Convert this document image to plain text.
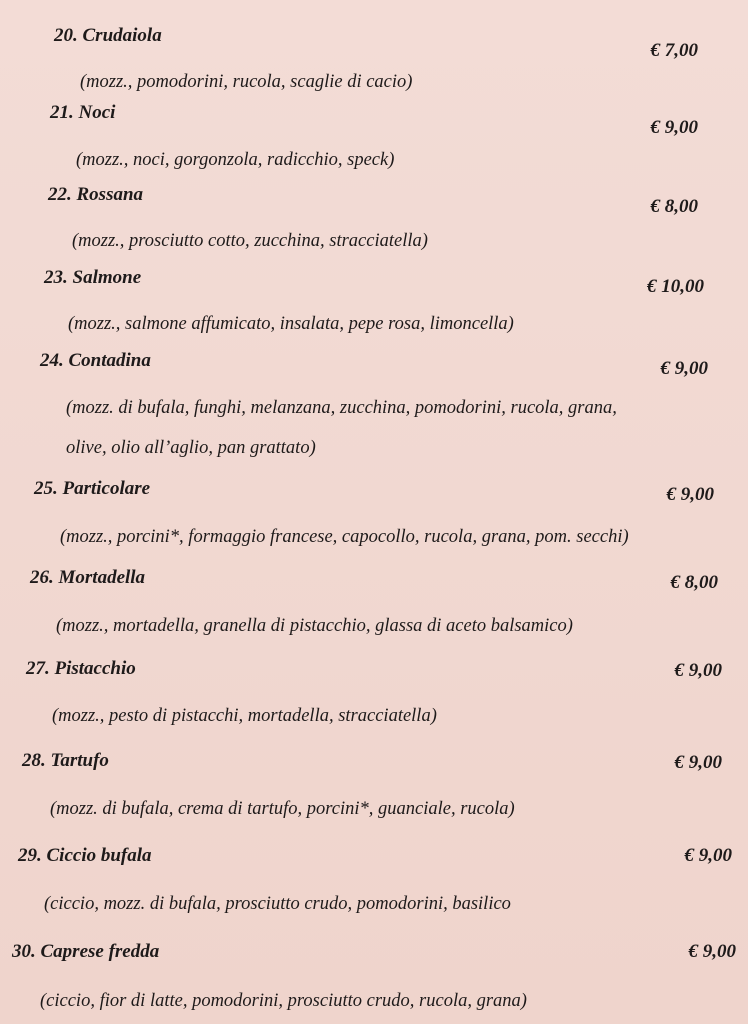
20. Crudaiola
€ 7,00
(mozz., pomodorini, rucola, scaglie di cacio)
21. Noci
€ 9,00
(mozz., noci, gorgonzola, radicchio, speck)
22. Rossana
€ 8,00
(mozz., prosciutto cotto, zucchina, stracciatella)
23. Salmone	€ 10,00
(mozz., salmone affumicato, insalata, pepe rosa, limoncella)
24. Contadina	€ 9,00
(mozz. di bufala, funghi, melanzana, zucchina, pomodorini, rucola, grana,
olive, olio all’aglio, pan grattato)
25. Particolare	€ 9,00
(mozz., porcini*, formaggio francese, capocollo, rucola, grana, pom. secchi)
26. Mortadella	€ 8,00
(mozz., mortadella, granella di pistacchio, glassa di aceto balsamico)
27. Pistacchio	€ 9,00
(mozz., pesto di pistacchi, mortadella, stracciatella)
28. Tartufo	€ 9,00
(mozz. di bufala, crema di tartufo, porcini*, guanciale, rucola)
29. Ciccio bufala	€ 9,00
(ciccio, mozz. di bufala, prosciutto crudo, pomodorini, basilico
30. Caprese fredda	€ 9,00
(ciccio, fior di latte, pomodorini, prosciutto crudo, rucola, grana)
